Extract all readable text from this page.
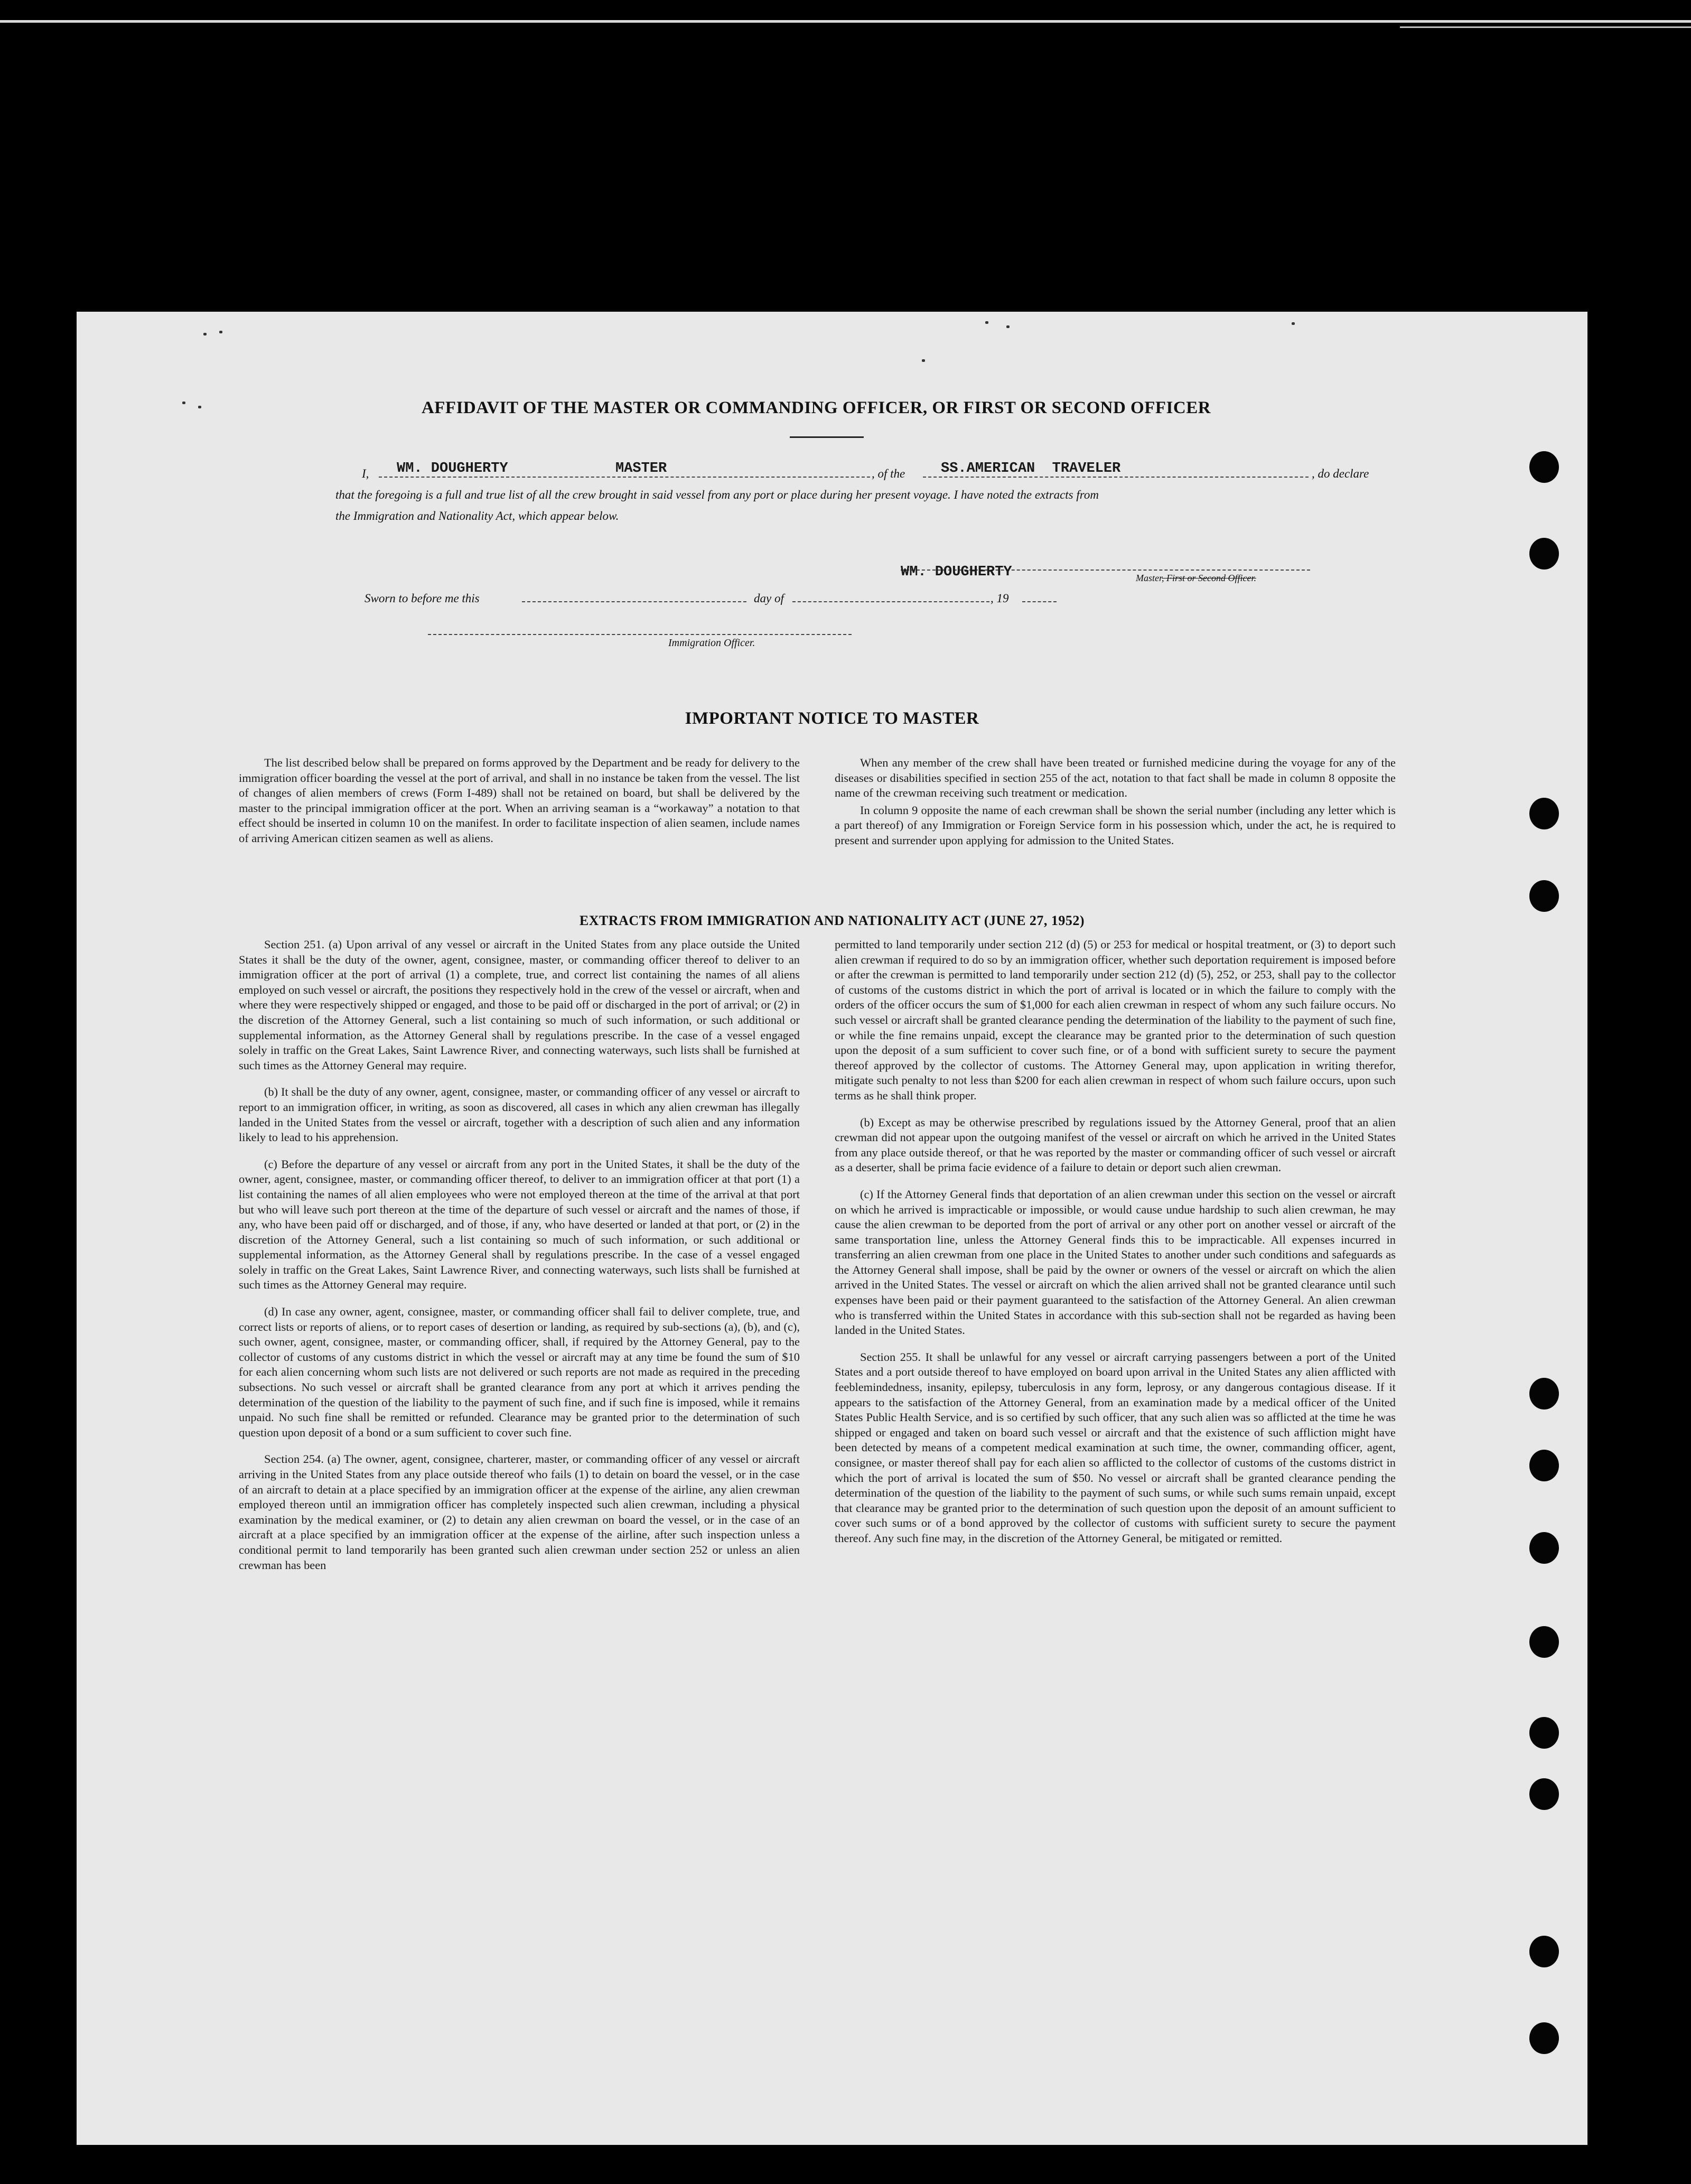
AFFIDAVIT OF THE MASTER OR COMMANDING OFFICER, OR FIRST OR SECOND OFFICER
I, WM. DOUGHERTY	MASTER	, of the	SS.AMERICAN  TRAVELER	, do declare
that the foregoing is a full and true list of all the crew brought in said vessel from any port or place during her present voyage. I have noted the extracts from
the Immigration and Nationality Act, which appear below.
WM. DOUGHERTY	Master, First or Second Officer.
Sworn to before me this	day of	, 19
Immigration Officer.
IMPORTANT NOTICE TO MASTER

The list described below shall be prepared on forms approved by the Department and be ready for delivery to the immigration officer boarding the vessel at the port of arrival, and shall in no instance be taken from the vessel. The list of changes of alien members of crews (Form I-489) shall not be retained on board, but shall be delivered by the master to the principal immigration officer at the port. When an arriving seaman is a “workaway” a notation to that effect should be inserted in column 10 on the manifest. In order to facilitate inspection of alien seamen, include names of arriving American citizen seamen as well as aliens.

When any member of the crew shall have been treated or furnished medicine during the voyage for any of the diseases or disabilities specified in section 255 of the act, notation to that fact shall be made in column 8 opposite the name of the crewman receiving such treatment or medication.

In column 9 opposite the name of each crewman shall be shown the serial number (including any letter which is a part thereof) of any Immigration or Foreign Service form in his possession which, under the act, he is required to present and surrender upon applying for admission to the United States.

EXTRACTS FROM IMMIGRATION AND NATIONALITY ACT (JUNE 27, 1952)

Section 251. (a) Upon arrival of any vessel or aircraft in the United States from any place outside the United States it shall be the duty of the owner, agent, consignee, master, or commanding officer thereof to deliver to an immigration officer at the port of arrival (1) a complete, true, and correct list containing the names of all aliens employed on such vessel or aircraft, the positions they respectively hold in the crew of the vessel or aircraft, when and where they were respectively shipped or engaged, and those to be paid off or discharged in the port of arrival; or (2) in the discretion of the Attorney General, such a list containing so much of such information, or such additional or supplemental information, as the Attorney General shall by regulations prescribe. In the case of a vessel engaged solely in traffic on the Great Lakes, Saint Lawrence River, and connecting waterways, such lists shall be furnished at such times as the Attorney General may require.

(b) It shall be the duty of any owner, agent, consignee, master, or commanding officer of any vessel or aircraft to report to an immigration officer, in writing, as soon as discovered, all cases in which any alien crewman has illegally landed in the United States from the vessel or aircraft, together with a description of such alien and any information likely to lead to his apprehension.

(c) Before the departure of any vessel or aircraft from any port in the United States, it shall be the duty of the owner, agent, consignee, master, or commanding officer thereof, to deliver to an immigration officer at that port (1) a list containing the names of all alien employees who were not employed thereon at the time of the arrival at that port but who will leave such port thereon at the time of the departure of such vessel or aircraft and the names of those, if any, who have been paid off or discharged, and of those, if any, who have deserted or landed at that port, or (2) in the discretion of the Attorney General, such a list containing so much of such information, or such additional or supplemental information, as the Attorney General shall by regulations prescribe. In the case of a vessel engaged solely in traffic on the Great Lakes, Saint Lawrence River, and connecting waterways, such lists shall be furnished at such times as the Attorney General may require.

(d) In case any owner, agent, consignee, master, or commanding officer shall fail to deliver complete, true, and correct lists or reports of aliens, or to report cases of desertion or landing, as required by sub-sections (a), (b), and (c), such owner, agent, consignee, master, or commanding officer, shall, if required by the Attorney General, pay to the collector of customs of any customs district in which the vessel or aircraft may at any time be found the sum of $10 for each alien concerning whom such lists are not delivered or such reports are not made as required in the preceding subsections. No such vessel or aircraft shall be granted clearance from any port at which it arrives pending the determination of the question of the liability to the payment of such fine, and if such fine is imposed, while it remains unpaid. No such fine shall be remitted or refunded. Clearance may be granted prior to the determination of such question upon deposit of a bond or a sum sufficient to cover such fine.

Section 254. (a) The owner, agent, consignee, charterer, master, or commanding officer of any vessel or aircraft arriving in the United States from any place outside thereof who fails (1) to detain on board the vessel, or in the case of an aircraft to detain at a place specified by an immigration officer at the expense of the airline, any alien crewman employed thereon until an immigration officer has completely inspected such alien crewman, including a physical examination by the medical examiner, or (2) to detain any alien crewman on board the vessel, or in the case of an aircraft at a place specified by an immigration officer at the expense of the airline, after such inspection unless a conditional permit to land temporarily has been granted such alien crewman under section 252 or unless an alien crewman has been

permitted to land temporarily under section 212 (d) (5) or 253 for medical or hospital treatment, or (3) to deport such alien crewman if required to do so by an immigration officer, whether such deportation requirement is imposed before or after the crewman is permitted to land temporarily under section 212 (d) (5), 252, or 253, shall pay to the collector of customs of the customs district in which the port of arrival is located or in which the failure to comply with the orders of the officer occurs the sum of $1,000 for each alien crewman in respect of whom any such failure occurs. No such vessel or aircraft shall be granted clearance pending the determination of the liability to the payment of such fine, or while the fine remains unpaid, except the clearance may be granted prior to the determination of such question upon the deposit of a sum sufficient to cover such fine, or of a bond with sufficient surety to secure the payment thereof approved by the collector of customs. The Attorney General may, upon application in writing therefor, mitigate such penalty to not less than $200 for each alien crewman in respect of whom such failure occurs, upon such terms as he shall think proper.

(b) Except as may be otherwise prescribed by regulations issued by the Attorney General, proof that an alien crewman did not appear upon the outgoing manifest of the vessel or aircraft on which he arrived in the United States from any place outside thereof, or that he was reported by the master or commanding officer of such vessel or aircraft as a deserter, shall be prima facie evidence of a failure to detain or deport such alien crewman.

(c) If the Attorney General finds that deportation of an alien crewman under this section on the vessel or aircraft on which he arrived is impracticable or impossible, or would cause undue hardship to such alien crewman, he may cause the alien crewman to be deported from the port of arrival or any other port on another vessel or aircraft of the same transportation line, unless the Attorney General finds this to be impracticable. All expenses incurred in transferring an alien crewman from one place in the United States to another under such conditions and safeguards as the Attorney General shall impose, shall be paid by the owner or owners of the vessel or aircraft on which the alien arrived in the United States. The vessel or aircraft on which the alien arrived shall not be granted clearance until such expenses have been paid or their payment guaranteed to the satisfaction of the Attorney General. An alien crewman who is transferred within the United States in accordance with this sub-section shall not be regarded as having been landed in the United States.

Section 255. It shall be unlawful for any vessel or aircraft carrying passengers between a port of the United States and a port outside thereof to have employed on board upon arrival in the United States any alien afflicted with feeblemindedness, insanity, epilepsy, tuberculosis in any form, leprosy, or any dangerous contagious disease. If it appears to the satisfaction of the Attorney General, from an examination made by a medical officer of the United States Public Health Service, and is so certified by such officer, that any such alien was so afflicted at the time he was shipped or engaged and taken on board such vessel or aircraft and that the existence of such affliction might have been detected by means of a competent medical examination at such time, the owner, commanding officer, agent, consignee, or master thereof shall pay for each alien so afflicted to the collector of customs of the customs district in which the port of arrival is located the sum of $50. No vessel or aircraft shall be granted clearance pending the determination of the question of the liability to the payment of such sums, or while such sums remain unpaid, except that clearance may be granted prior to the determination of such question upon the deposit of an amount sufficient to cover such sums or of a bond approved by the collector of customs with sufficient surety to secure the payment thereof. Any such fine may, in the discretion of the Attorney General, be mitigated or remitted.
